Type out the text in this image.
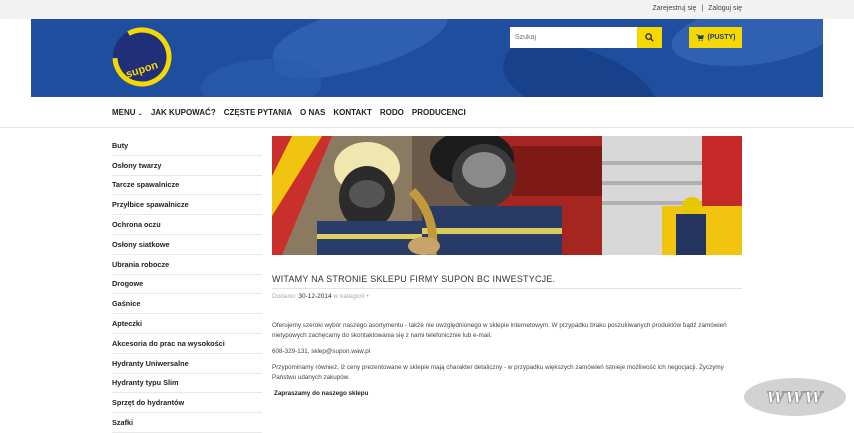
Zarejestruj się | Zaloguj się
supon
Szukaj
(PUSTY)
MENU ⌄ JAK KUPOWAĆ? CZĘSTE PYTANIA O NAS KONTAKT RODO PRODUCENCI
Buty
Osłony twarzy
Tarcze spawalnicze
Przyłbice spawalnicze
Ochrona oczu
Osłony siatkowe
Ubrania robocze
Drogowe
Gaśnice
Apteczki
Akcesoria do prac na wysokości
Hydranty Uniwersalne
Hydranty typu Slim
Sprzęt do hydrantów
Szafki
WITAMY NA STRONIE SKLEPU FIRMY SUPON BC INWESTYCJE.
Dodano: 30-12-2014 w kategorii •
Oferujemy szeroki wybór naszego asortymentu - także nie uwzględnionego w sklepie internetowym. W przypadku braku poszukiwanych produktów bądź zamówień nietypowych zachęcamy do skontaktowania się z nami telefonicznie lub e-mail.
608-329-131, sklep@supon.waw.pl
Przypominamy również, iż ceny prezentowane w sklepie mają charakter detaliczny - w przypadku większych zamówień istnieje możliwość ich negocjacji. Życzymy Państwu udanych zakupów.
Zapraszamy do naszego sklepu	WWW
